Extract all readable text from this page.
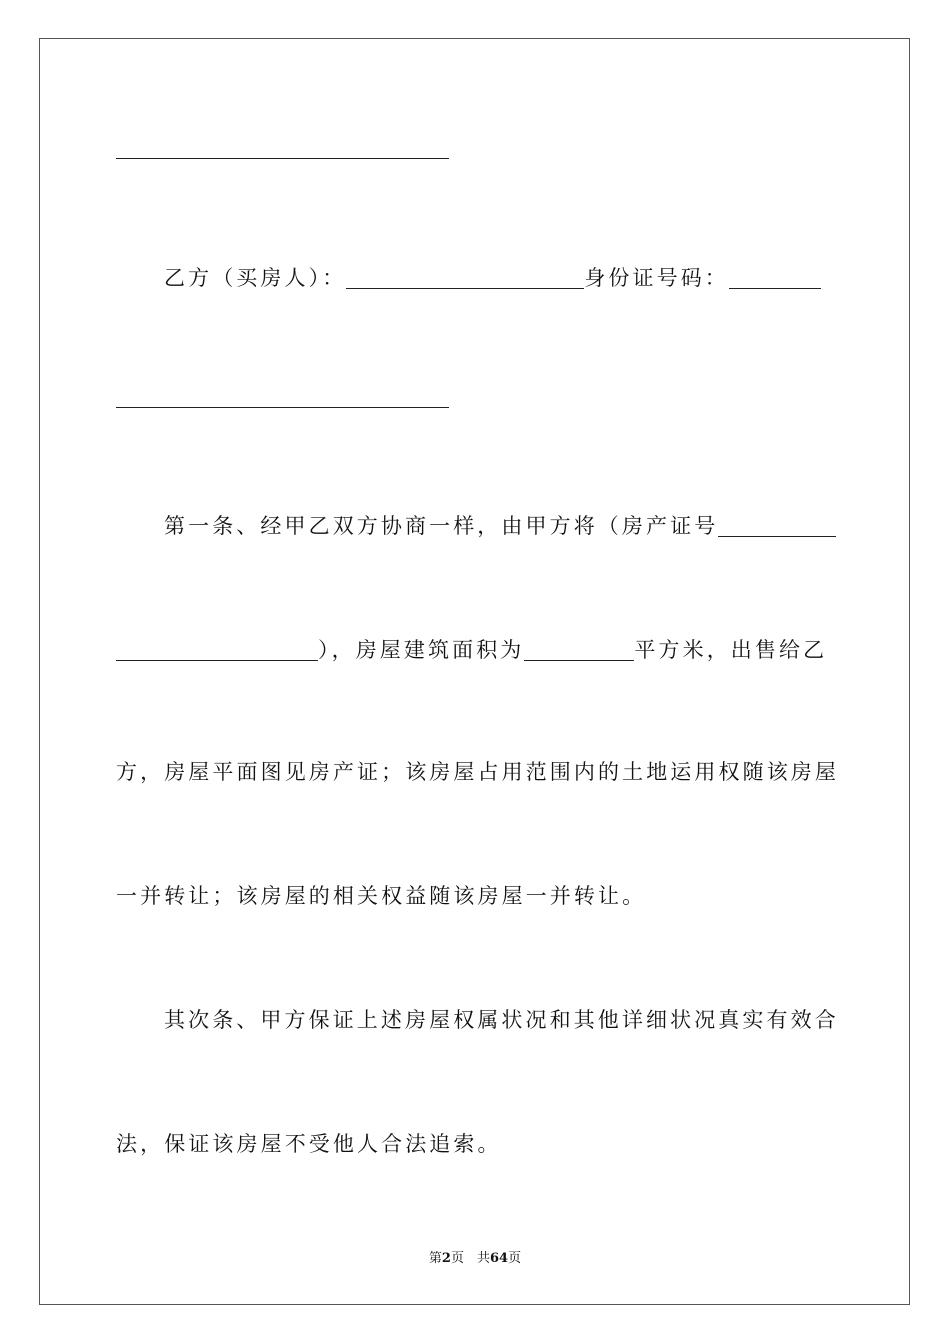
乙方（买房人）：	身份证号码：
第一条、经甲乙双方协商一样，由甲方将（房产证号
），房屋建筑面积为	平方米，出售给乙
方，房屋平面图见房产证；该房屋占用范围内的土地运用权随该房屋
一并转让；该房屋的相关权益随该房屋一并转让。
其次条、甲方保证上述房屋权属状况和其他详细状况真实有效合
法，保证该房屋不受他人合法追索。
第2页　共64页
